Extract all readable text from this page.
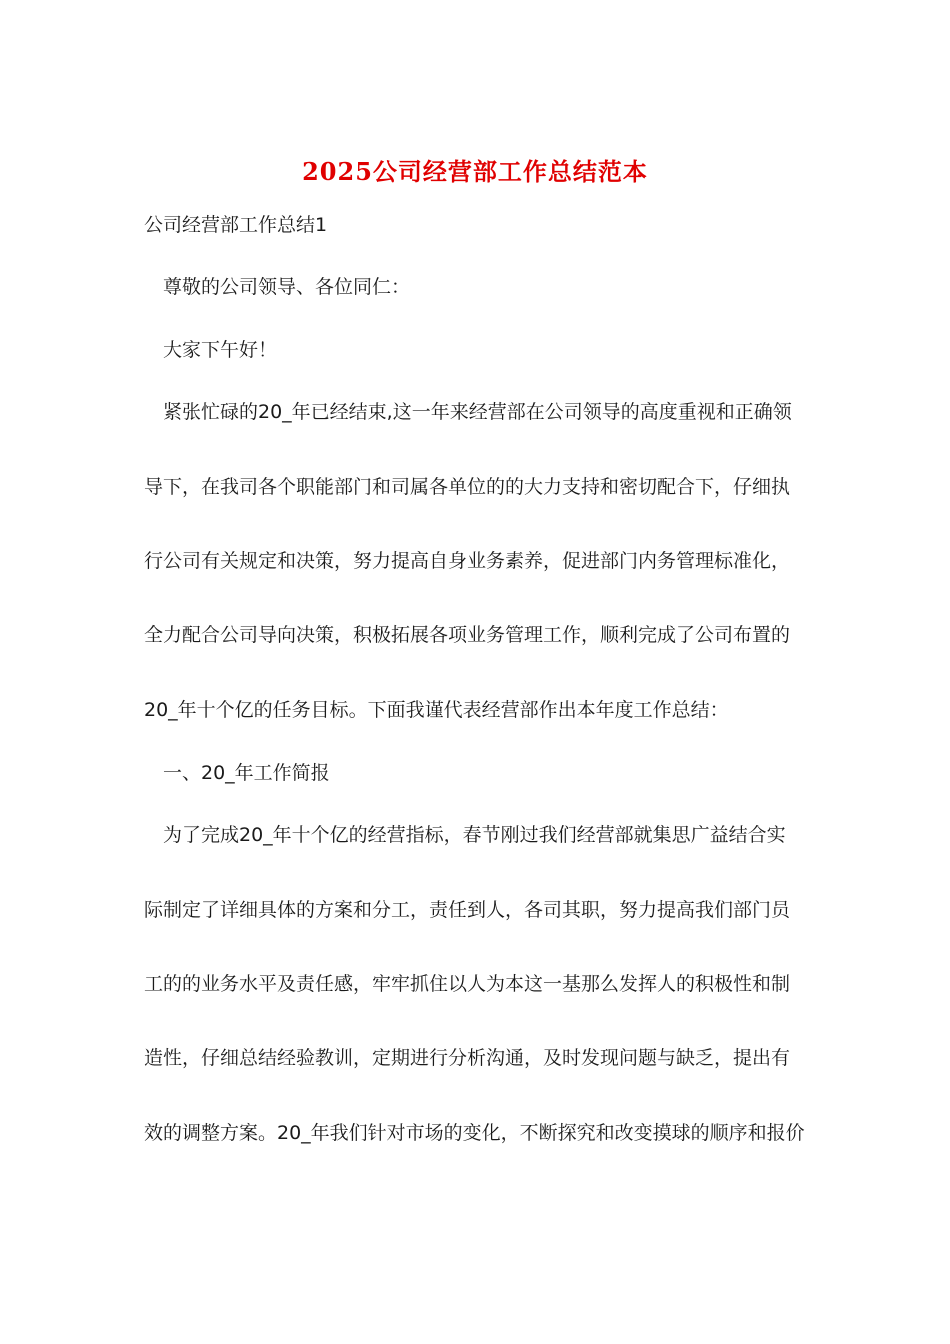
2025公司经营部工作总结范本
公司经营部工作总结1
尊敬的公司领导、各位同仁：
大家下午好！
紧张忙碌的20_年已经结束,这一年来经营部在公司领导的高度重视和正确领
导下，在我司各个职能部门和司属各单位的的大力支持和密切配合下，仔细执
行公司有关规定和决策，努力提高自身业务素养，促进部门内务管理标准化，
全力配合公司导向决策，积极拓展各项业务管理工作，顺利完成了公司布置的
20_年十个亿的任务目标。下面我谨代表经营部作出本年度工作总结：
一、20_年工作简报
为了完成20_年十个亿的经营指标，春节刚过我们经营部就集思广益结合实
际制定了详细具体的方案和分工，责任到人，各司其职，努力提高我们部门员
工的的业务水平及责任感，牢牢抓住以人为本这一基那么发挥人的积极性和制
造性，仔细总结经验教训，定期进行分析沟通，及时发现问题与缺乏，提出有
效的调整方案。20_年我们针对市场的变化，不断探究和改变摸球的顺序和报价
